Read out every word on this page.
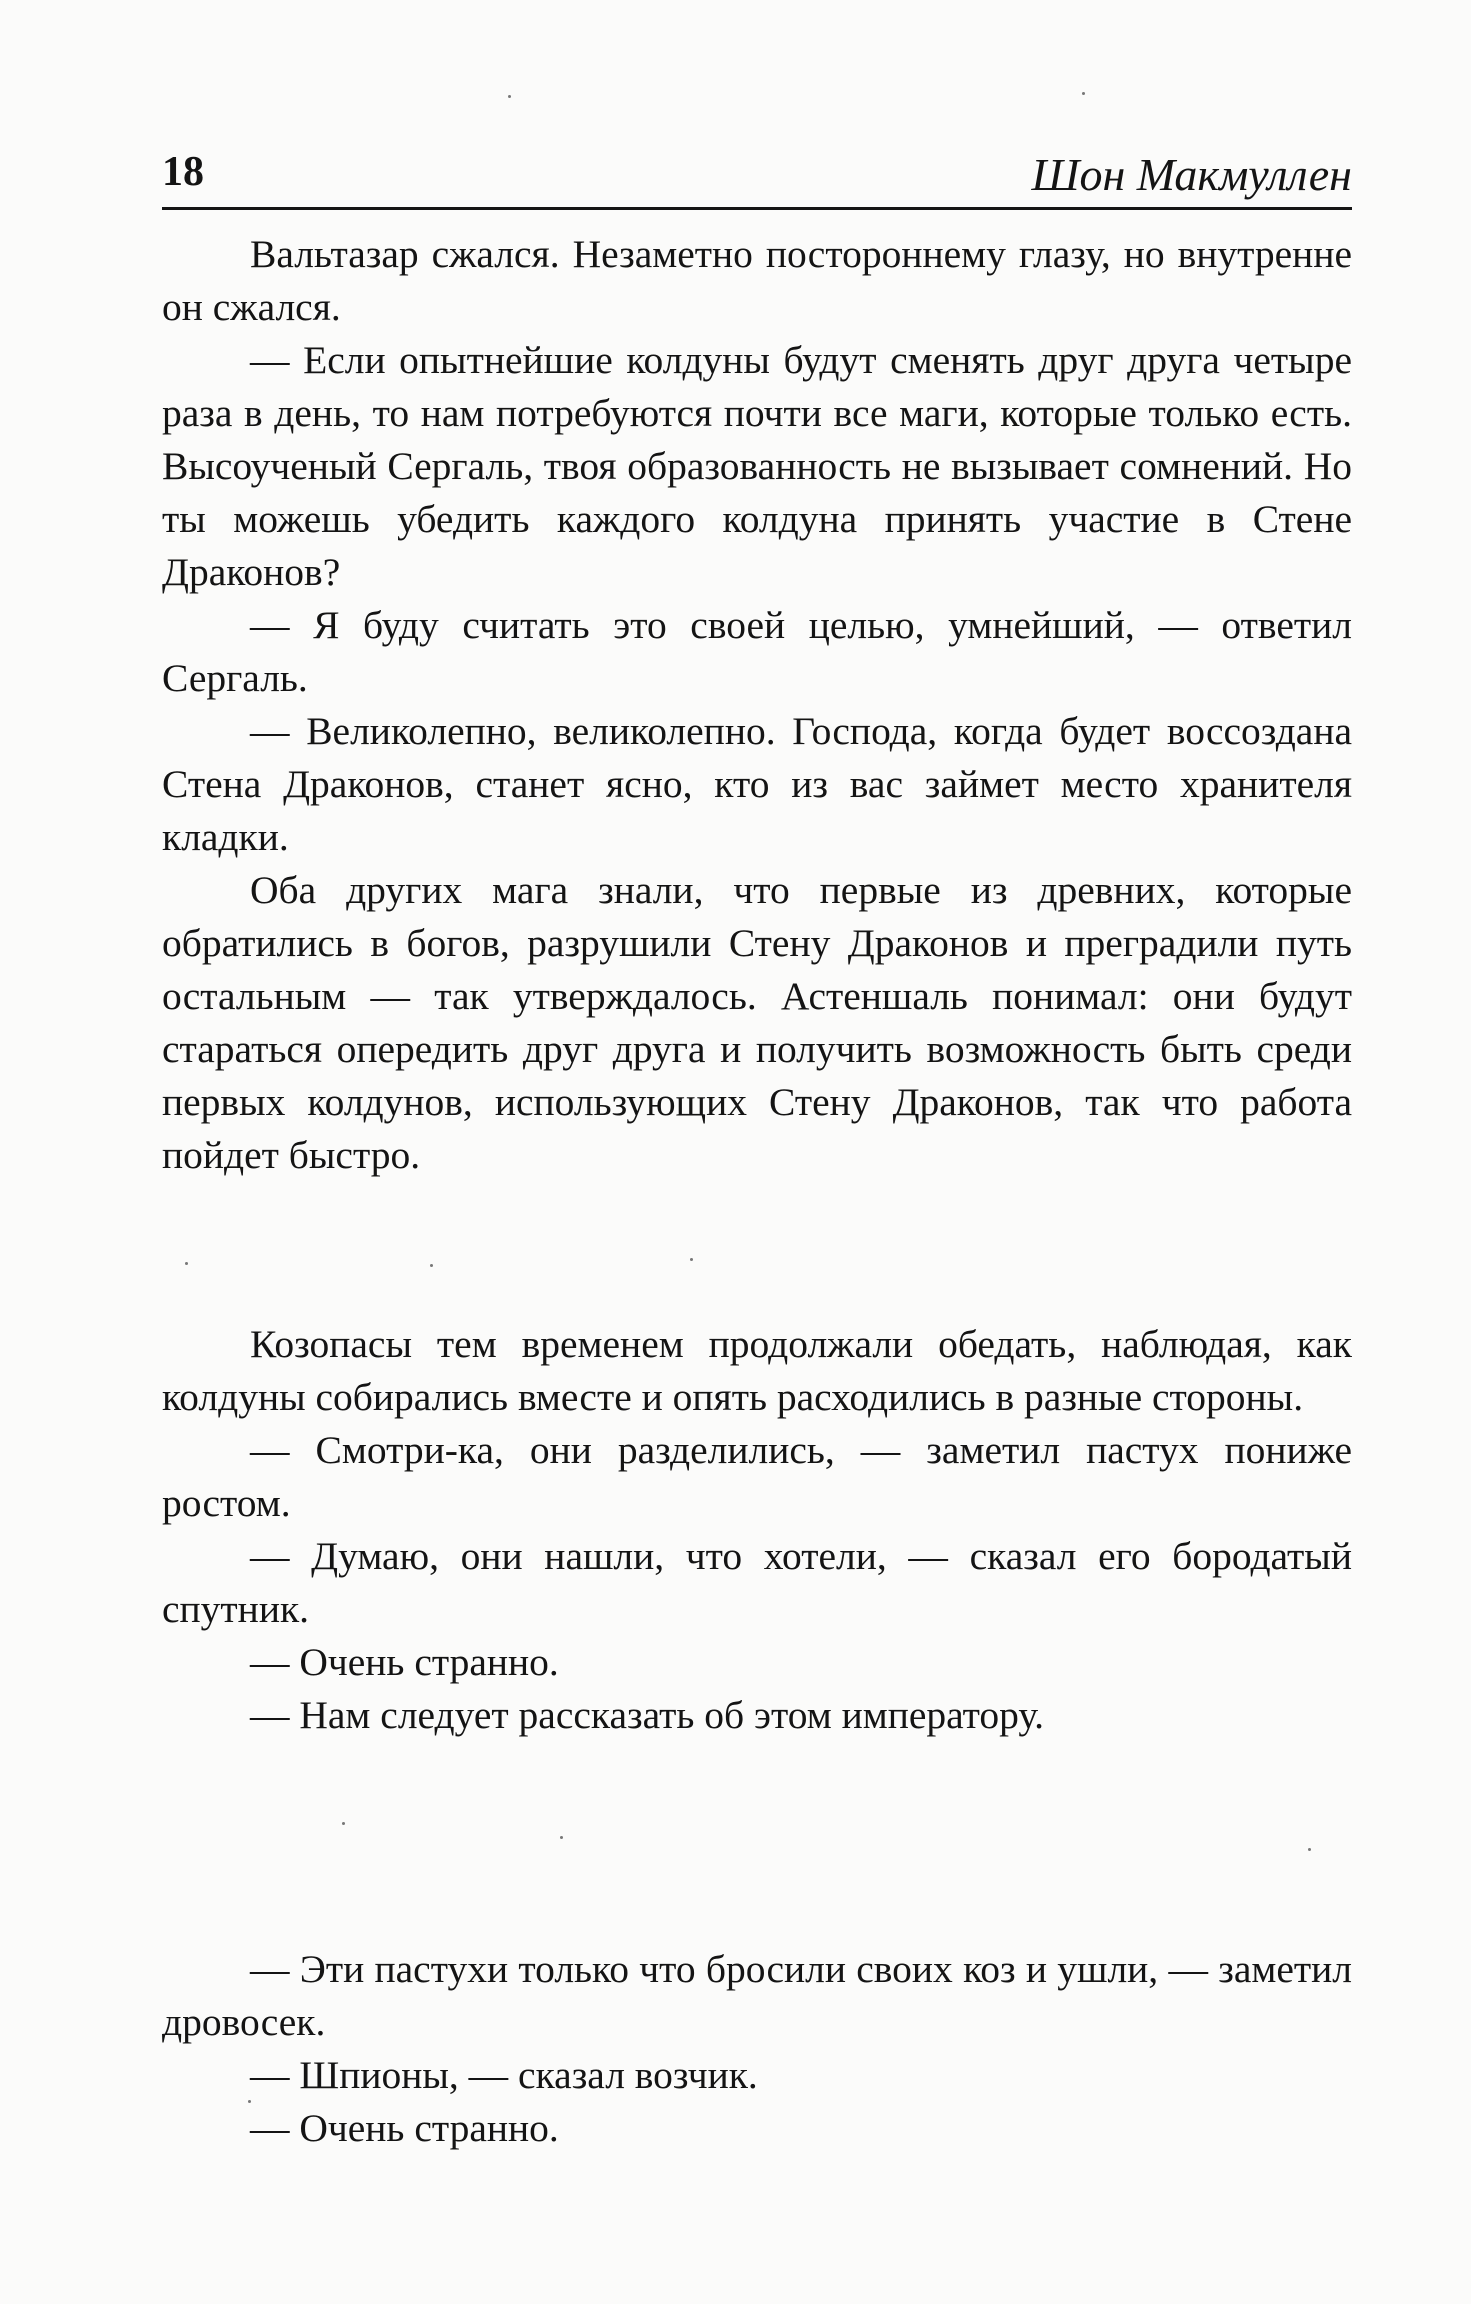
18	Шон Макмуллен

Вальтазар сжался. Незаметно постороннему глазу, но внутренне он сжался.

— Если опытнейшие колдуны будут сменять друг друга четыре раза в день, то нам потребуются почти все маги, которые только есть. Высоученый Сергаль, твоя образованность не вызывает сомнений. Но ты можешь убедить каждого колдуна принять участие в Стене Драконов?

— Я буду считать это своей целью, умнейший, — ответил Сергаль.

— Великолепно, великолепно. Господа, когда будет воссоздана Стена Драконов, станет ясно, кто из вас займет место хранителя кладки.

Оба других мага знали, что первые из древних, которые обратились в богов, разрушили Стену Драконов и преградили путь остальным — так утверждалось. Астеншаль понимал: они будут стараться опередить друг друга и получить возможность быть среди первых колдунов, использующих Стену Драконов, так что работа пойдет быстро.

Козопасы тем временем продолжали обедать, наблюдая, как колдуны собирались вместе и опять расходились в разные стороны.

— Смотри-ка, они разделились, — заметил пастух пониже ростом.

— Думаю, они нашли, что хотели, — сказал его бородатый спутник.

— Очень странно.

— Нам следует рассказать об этом императору.

— Эти пастухи только что бросили своих коз и ушли, — заметил дровосек.

— Шпионы, — сказал возчик.

— Очень странно.
